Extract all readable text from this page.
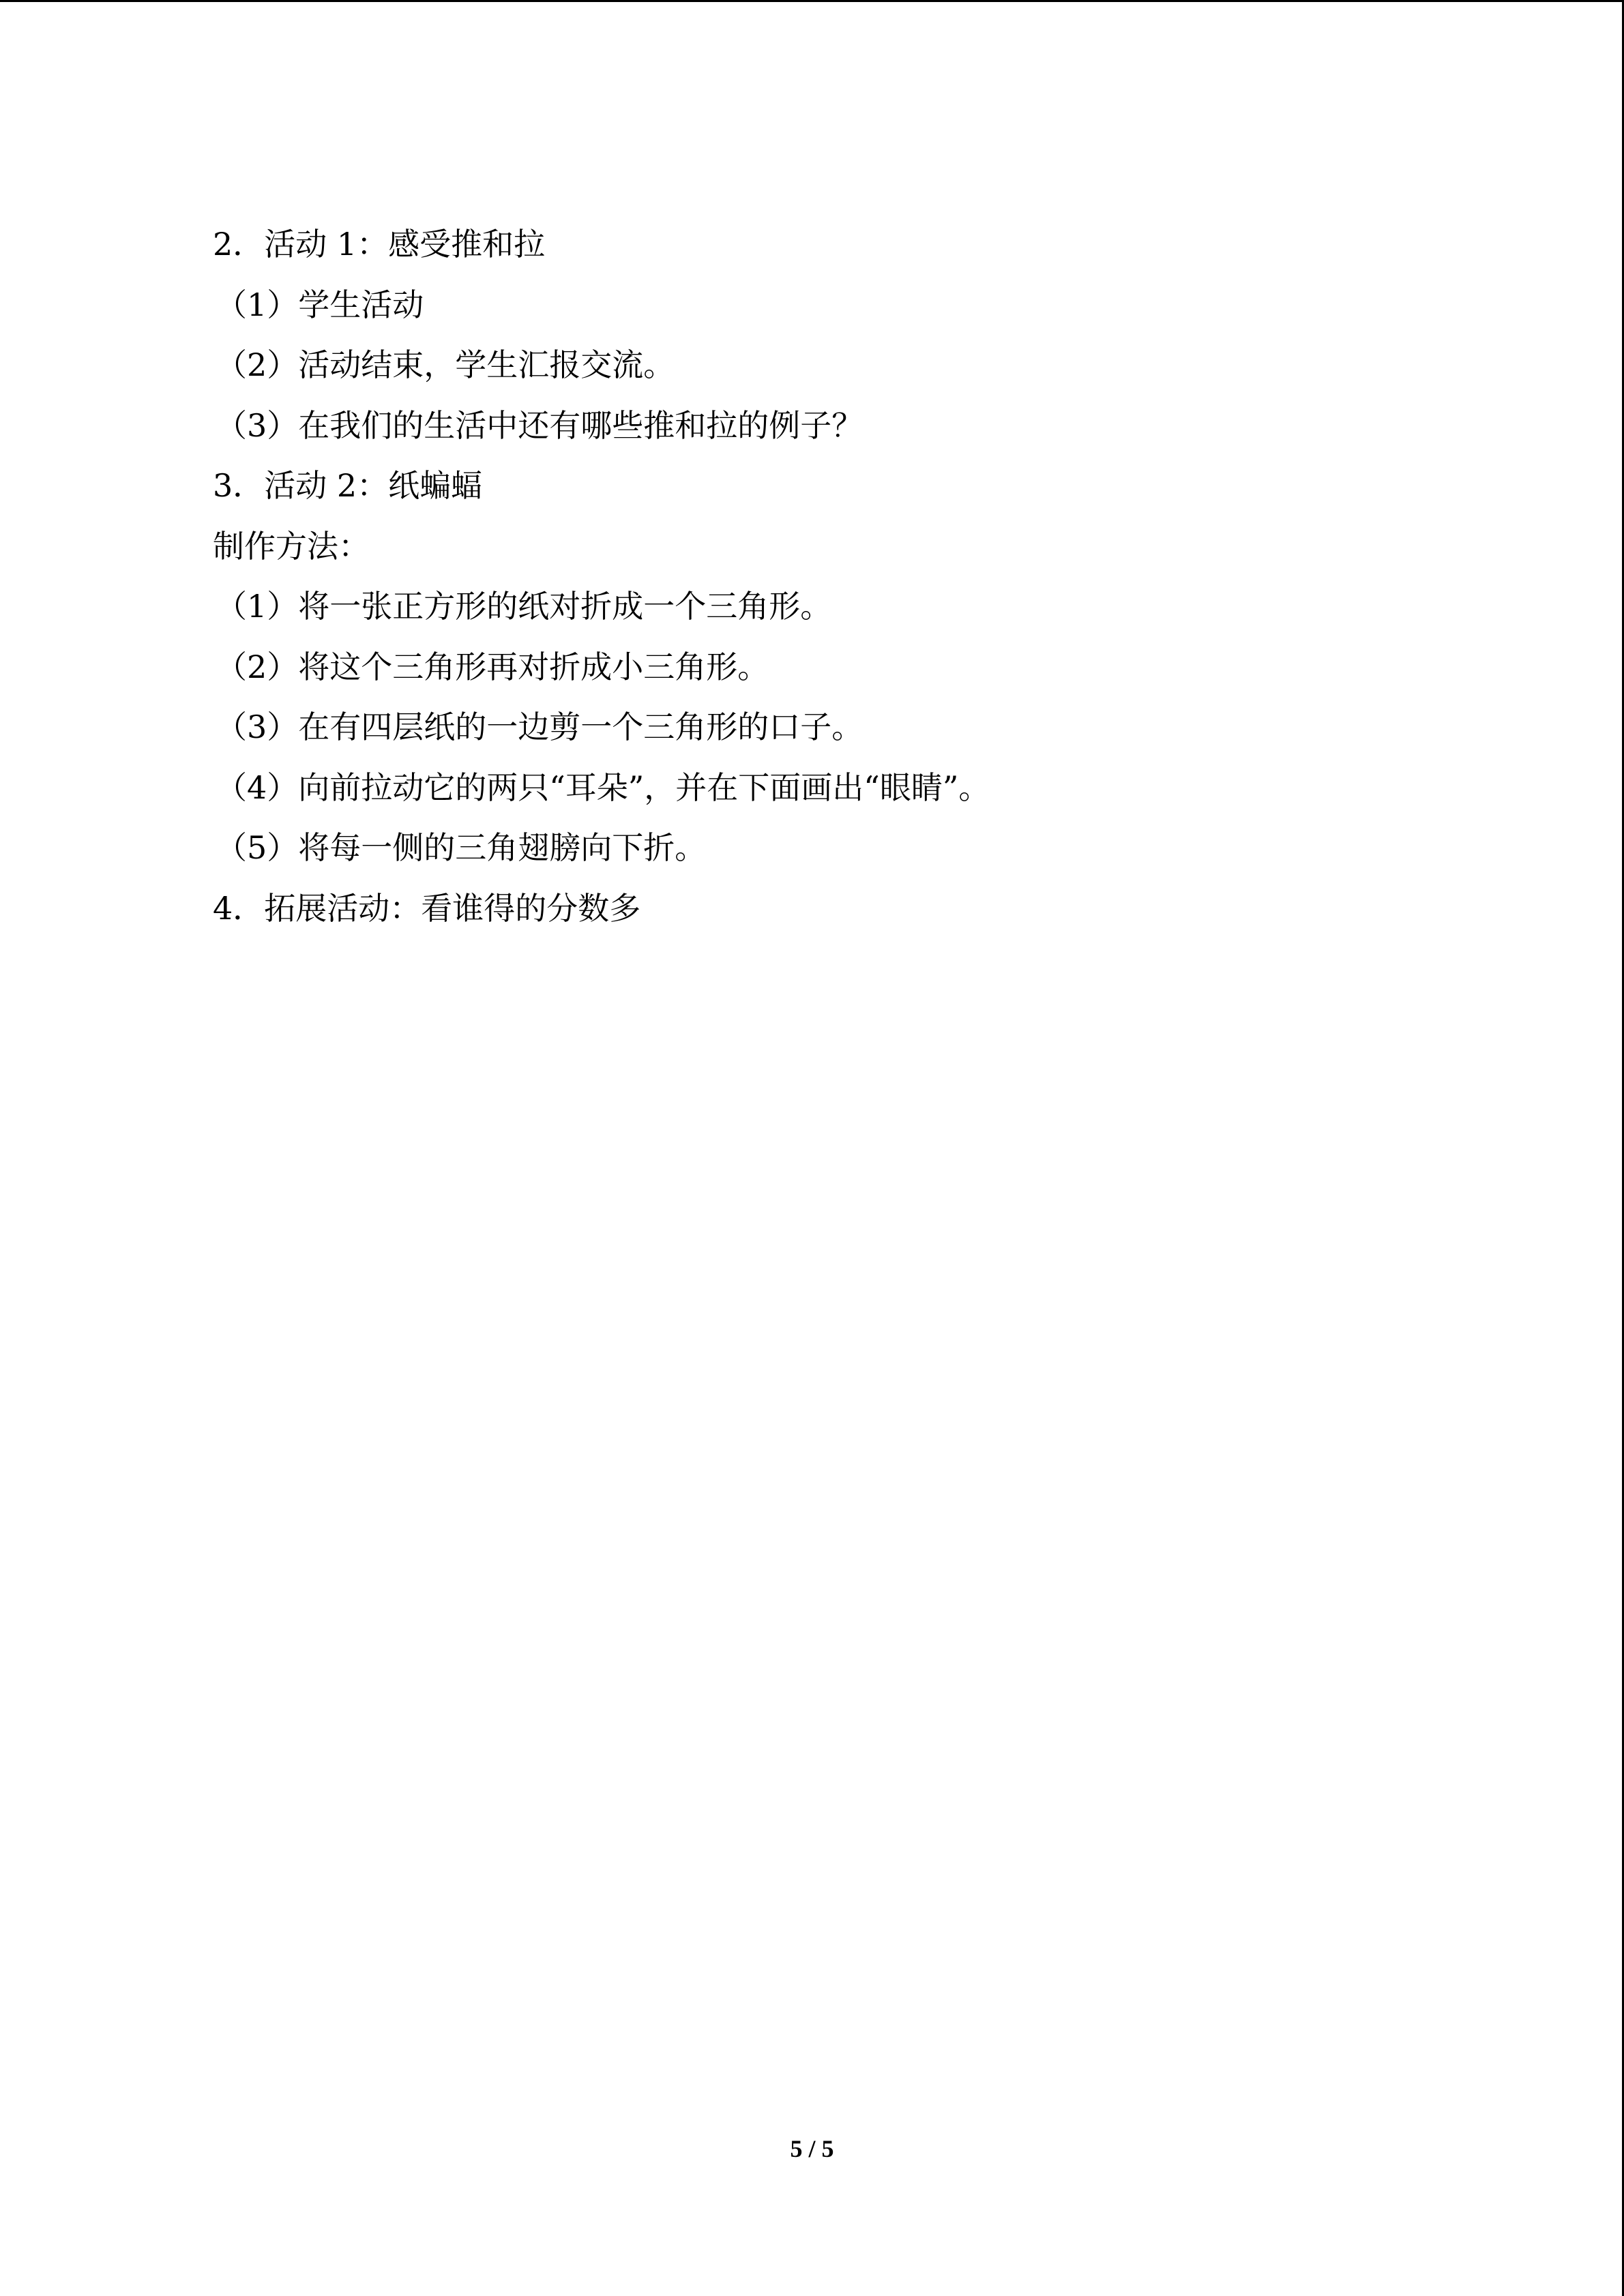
2．活动 1：感受推和拉
（1）学生活动
（2）活动结束，学生汇报交流。
（3）在我们的生活中还有哪些推和拉的例子？
3．活动 2：纸蝙蝠
制作方法：
（1）将一张正方形的纸对折成一个三角形。
（2）将这个三角形再对折成小三角形。
（3）在有四层纸的一边剪一个三角形的口子。
（4）向前拉动它的两只“耳朵”，并在下面画出“眼睛”。
（5）将每一侧的三角翅膀向下折。
4．拓展活动：看谁得的分数多
5 / 5
